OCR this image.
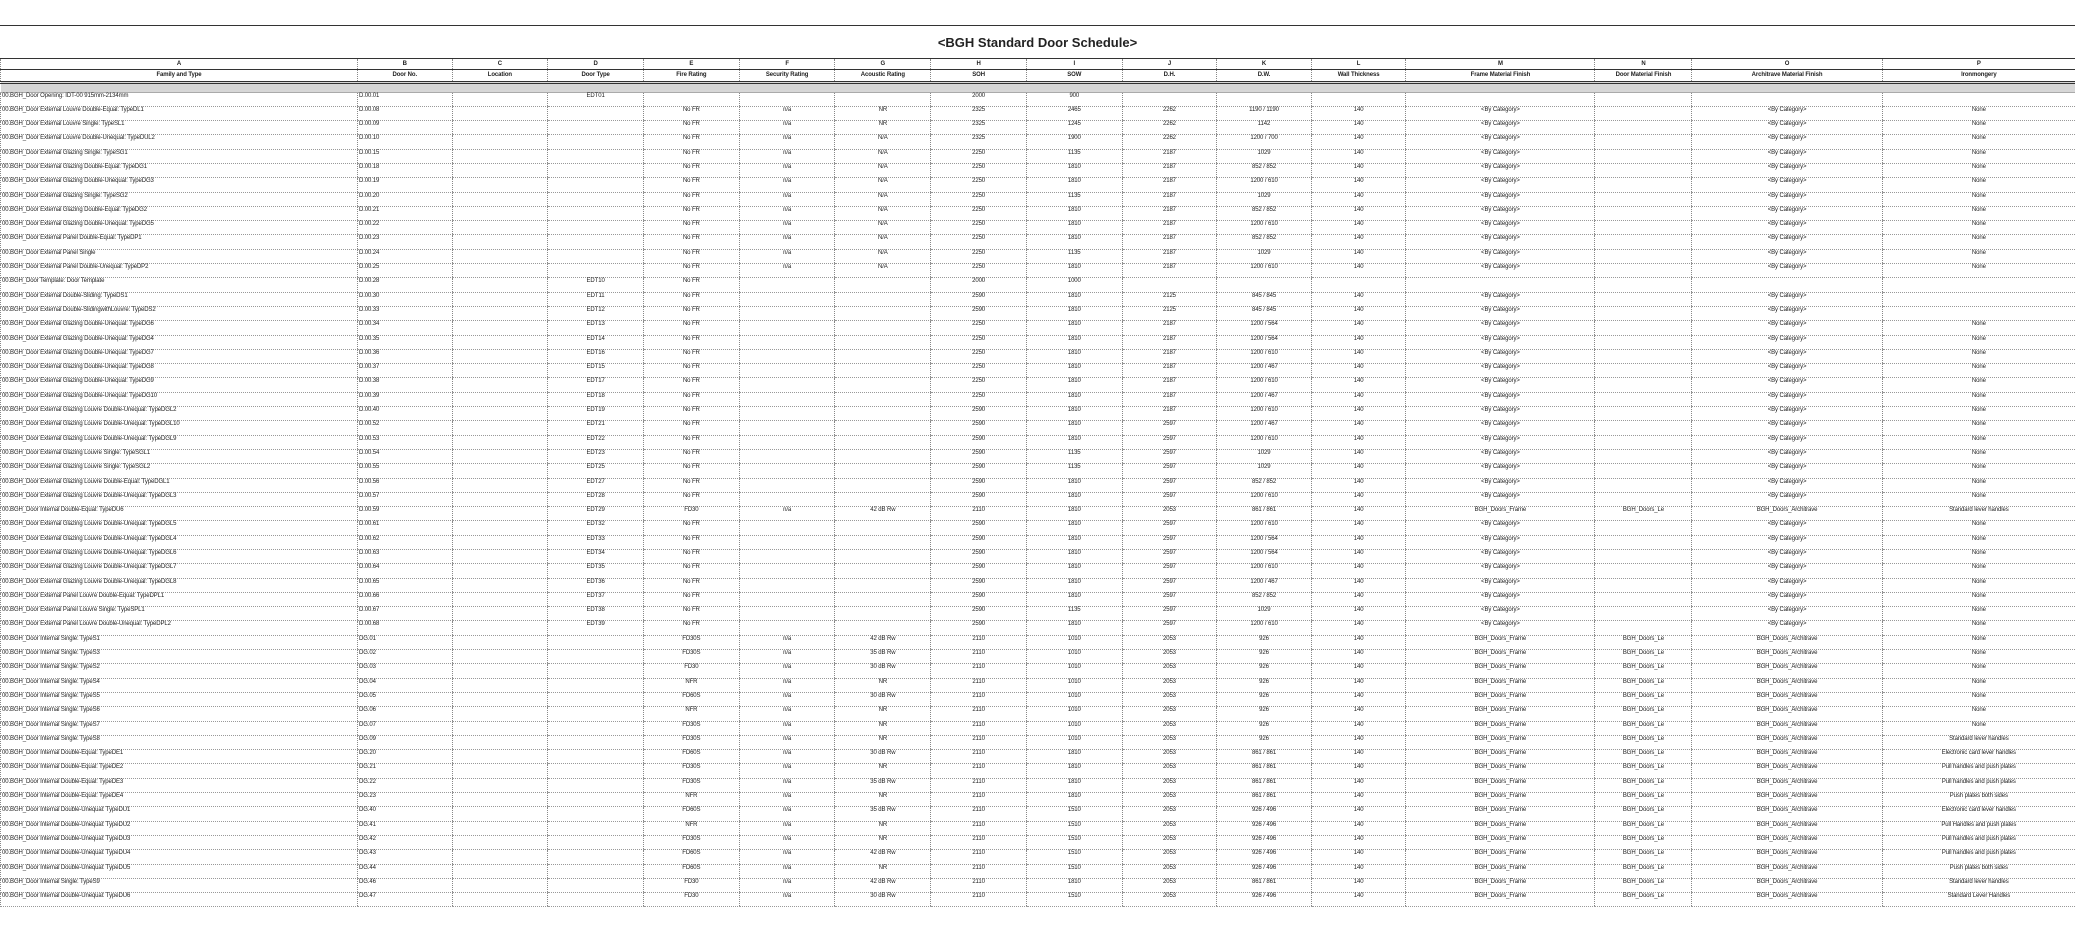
<BGH Standard Door Schedule>
A	B	C	D	E	F	G	H	I	J	K	L	M	N	O	P
Family and Type	Door No.	Location	Door Type	Fire Rating	Security Rating	Acoustic Rating	SOH	SOW	D.H.	D.W.	Wall Thickness	Frame Material Finish	Door Material Finish	Architrave Material Finish	Ironmongery

00.BGH_Door Opening: IDT-00 915mm-2134mm	D.00.01		EDT01				2000	900							
00.BGH_Door External Louvre Double-Equal: TypeDL1	D.00.08			No FR	n/a	NR	2325	2465	2262	1190 / 1190	140	<By Category>		<By Category>	None
00.BGH_Door External Louvre Single: TypeSL1	D.00.09			No FR	n/a	NR	2325	1245	2262	1142	140	<By Category>		<By Category>	None
00.BGH_Door External Louvre Double-Unequal: TypeDUL2	D.00.10			No FR	n/a	N/A	2325	1900	2262	1200 / 700	140	<By Category>		<By Category>	None
00.BGH_Door External Glazing Single: TypeSG1	D.00.15			No FR	n/a	N/A	2250	1135	2187	1029	140	<By Category>		<By Category>	None
00.BGH_Door External Glazing Double-Equal: TypeDG1	D.00.18			No FR	n/a	N/A	2250	1810	2187	852 / 852	140	<By Category>		<By Category>	None
00.BGH_Door External Glazing Double-Unequal: TypeDG3	D.00.19			No FR	n/a	N/A	2250	1810	2187	1200 / 610	140	<By Category>		<By Category>	None
00.BGH_Door External Glazing Single: TypeSG2	D.00.20			No FR	n/a	N/A	2250	1135	2187	1029	140	<By Category>		<By Category>	None
00.BGH_Door External Glazing Double-Equal: TypeDG2	D.00.21			No FR	n/a	N/A	2250	1810	2187	852 / 852	140	<By Category>		<By Category>	None
00.BGH_Door External Glazing Double-Unequal: TypeDG5	D.00.22			No FR	n/a	N/A	2250	1810	2187	1200 / 610	140	<By Category>		<By Category>	None
00.BGH_Door External Panel Double-Equal: TypeDP1	D.00.23			No FR	n/a	N/A	2250	1810	2187	852 / 852	140	<By Category>		<By Category>	None
00.BGH_Door External Panel Single	D.00.24			No FR	n/a	N/A	2250	1135	2187	1029	140	<By Category>		<By Category>	None
00.BGH_Door External Panel Double-Unequal: TypeDP2	D.00.25			No FR	n/a	N/A	2250	1810	2187	1200 / 610	140	<By Category>		<By Category>	None
00.BGH_Door Template: Door Template	D.00.28		EDT10	No FR			2000	1000							
00.BGH_Door External Double-Sliding: TypeDS1	D.00.30		EDT11	No FR			2590	1810	2125	845 / 845	140	<By Category>		<By Category>	
00.BGH_Door External Double-SlidingwithLouvre: TypeDS2	D.00.33		EDT12	No FR			2590	1810	2125	845 / 845	140	<By Category>		<By Category>	
00.BGH_Door External Glazing Double-Unequal: TypeDG6	D.00.34		EDT13	No FR			2250	1810	2187	1200 / 564	140	<By Category>		<By Category>	None
00.BGH_Door External Glazing Double-Unequal: TypeDG4	D.00.35		EDT14	No FR			2250	1810	2187	1200 / 564	140	<By Category>		<By Category>	None
00.BGH_Door External Glazing Double-Unequal: TypeDG7	D.00.36		EDT16	No FR			2250	1810	2187	1200 / 610	140	<By Category>		<By Category>	None
00.BGH_Door External Glazing Double-Unequal: TypeDG8	D.00.37		EDT15	No FR			2250	1810	2187	1200 / 467	140	<By Category>		<By Category>	None
00.BGH_Door External Glazing Double-Unequal: TypeDG9	D.00.38		EDT17	No FR			2250	1810	2187	1200 / 610	140	<By Category>		<By Category>	None
00.BGH_Door External Glazing Double-Unequal: TypeDG10	D.00.39		EDT18	No FR			2250	1810	2187	1200 / 467	140	<By Category>		<By Category>	None
00.BGH_Door External Glazing Louvre Double-Unequal: TypeDGL2	D.00.40		EDT19	No FR			2590	1810	2187	1200 / 610	140	<By Category>		<By Category>	None
00.BGH_Door External Glazing Louvre Double-Unequal: TypeDGL10	D.00.52		EDT21	No FR			2590	1810	2597	1200 / 467	140	<By Category>		<By Category>	None
00.BGH_Door External Glazing Louvre Double-Unequal: TypeDGL9	D.00.53		EDT22	No FR			2590	1810	2597	1200 / 610	140	<By Category>		<By Category>	None
00.BGH_Door External Glazing Louvre Single: TypeSGL1	D.00.54		EDT23	No FR			2590	1135	2597	1029	140	<By Category>		<By Category>	None
00.BGH_Door External Glazing Louvre Single: TypeSGL2	D.00.55		EDT25	No FR			2590	1135	2597	1029	140	<By Category>		<By Category>	None
00.BGH_Door External Glazing Louvre Double-Equal: TypeDGL1	D.00.56		EDT27	No FR			2590	1810	2597	852 / 852	140	<By Category>		<By Category>	None
00.BGH_Door External Glazing Louvre Double-Unequal: TypeDGL3	D.00.57		EDT28	No FR			2590	1810	2597	1200 / 610	140	<By Category>		<By Category>	None
00.BGH_Door Internal Double-Equal: TypeDU6	D.00.59		EDT29	FD30	n/a	42 dB Rw	2110	1810	2053	861 / 861	140	BGH_Doors_Frame	BGH_Doors_Le	BGH_Doors_Architrave	Standard lever handles
00.BGH_Door External Glazing Louvre Double-Unequal: TypeDGL5	D.00.61		EDT32	No FR			2590	1810	2597	1200 / 610	140	<By Category>		<By Category>	None
00.BGH_Door External Glazing Louvre Double-Unequal: TypeDGL4	D.00.62		EDT33	No FR			2590	1810	2597	1200 / 564	140	<By Category>		<By Category>	None
00.BGH_Door External Glazing Louvre Double-Unequal: TypeDGL6	D.00.63		EDT34	No FR			2590	1810	2597	1200 / 564	140	<By Category>		<By Category>	None
00.BGH_Door External Glazing Louvre Double-Unequal: TypeDGL7	D.00.64		EDT35	No FR			2590	1810	2597	1200 / 610	140	<By Category>		<By Category>	None
00.BGH_Door External Glazing Louvre Double-Unequal: TypeDGL8	D.00.65		EDT36	No FR			2590	1810	2597	1200 / 467	140	<By Category>		<By Category>	None
00.BGH_Door External Panel Louvre Double-Equal: TypeDPL1	D.00.66		EDT37	No FR			2590	1810	2597	852 / 852	140	<By Category>		<By Category>	None
00.BGH_Door External Panel Louvre Single: TypeSPL1	D.00.67		EDT38	No FR			2590	1135	2597	1029	140	<By Category>		<By Category>	None
00.BGH_Door External Panel Louvre Double-Unequal: TypeDPL2	D.00.68		EDT39	No FR			2590	1810	2597	1200 / 610	140	<By Category>		<By Category>	None
00.BGH_Door Internal Single: TypeS1	DG.01			FD30S	n/a	42 dB Rw	2110	1010	2053	926	140	BGH_Doors_Frame	BGH_Doors_Le	BGH_Doors_Architrave	None
00.BGH_Door Internal Single: TypeS3	DG.02			FD30S	n/a	35 dB Rw	2110	1010	2053	926	140	BGH_Doors_Frame	BGH_Doors_Le	BGH_Doors_Architrave	None
00.BGH_Door Internal Single: TypeS2	DG.03			FD30	n/a	30 dB Rw	2110	1010	2053	926	140	BGH_Doors_Frame	BGH_Doors_Le	BGH_Doors_Architrave	None
00.BGH_Door Internal Single: TypeS4	DG.04			NFR	n/a	NR	2110	1010	2053	926	140	BGH_Doors_Frame	BGH_Doors_Le	BGH_Doors_Architrave	None
00.BGH_Door Internal Single: TypeS5	DG.05			FD60S	n/a	30 dB Rw	2110	1010	2053	926	140	BGH_Doors_Frame	BGH_Doors_Le	BGH_Doors_Architrave	None
00.BGH_Door Internal Single: TypeS6	DG.06			NFR	n/a	NR	2110	1010	2053	926	140	BGH_Doors_Frame	BGH_Doors_Le	BGH_Doors_Architrave	None
00.BGH_Door Internal Single: TypeS7	DG.07			FD30S	n/a	NR	2110	1010	2053	926	140	BGH_Doors_Frame	BGH_Doors_Le	BGH_Doors_Architrave	None
00.BGH_Door Internal Single: TypeS8	DG.09			FD30S	n/a	NR	2110	1010	2053	926	140	BGH_Doors_Frame	BGH_Doors_Le	BGH_Doors_Architrave	Standard lever handles
00.BGH_Door Internal Double-Equal: TypeDE1	DG.20			FD60S	n/a	30 dB Rw	2110	1810	2053	861 / 861	140	BGH_Doors_Frame	BGH_Doors_Le	BGH_Doors_Architrave	Electronic card lever handles
00.BGH_Door Internal Double-Equal: TypeDE2	DG.21			FD30S	n/a	NR	2110	1810	2053	861 / 861	140	BGH_Doors_Frame	BGH_Doors_Le	BGH_Doors_Architrave	Pull handles and push plates
00.BGH_Door Internal Double-Equal: TypeDE3	DG.22			FD30S	n/a	35 dB Rw	2110	1810	2053	861 / 861	140	BGH_Doors_Frame	BGH_Doors_Le	BGH_Doors_Architrave	Pull handles and push plates
00.BGH_Door Internal Double-Equal: TypeDE4	DG.23			NFR	n/a	NR	2110	1810	2053	861 / 861	140	BGH_Doors_Frame	BGH_Doors_Le	BGH_Doors_Architrave	Push plates both sides
00.BGH_Door Internal Double-Unequal: TypeDU1	DG.40			FD60S	n/a	35 dB Rw	2110	1510	2053	926 / 496	140	BGH_Doors_Frame	BGH_Doors_Le	BGH_Doors_Architrave	Electronic card lever handles
00.BGH_Door Internal Double-Unequal: TypeDU2	DG.41			NFR	n/a	NR	2110	1510	2053	926 / 496	140	BGH_Doors_Frame	BGH_Doors_Le	BGH_Doors_Architrave	Pull Handles and push plates
00.BGH_Door Internal Double-Unequal: TypeDU3	DG.42			FD30S	n/a	NR	2110	1510	2053	926 / 496	140	BGH_Doors_Frame	BGH_Doors_Le	BGH_Doors_Architrave	Pull handles and push plates
00.BGH_Door Internal Double-Unequal: TypeDU4	DG.43			FD60S	n/a	42 dB Rw	2110	1510	2053	926 / 496	140	BGH_Doors_Frame	BGH_Doors_Le	BGH_Doors_Architrave	Pull handles and push plates
00.BGH_Door Internal Double-Unequal: TypeDU5	DG.44			FD60S	n/a	NR	2110	1510	2053	926 / 496	140	BGH_Doors_Frame	BGH_Doors_Le	BGH_Doors_Architrave	Push plates both sides
00.BGH_Door Internal Single: TypeS9	DG.46			FD30	n/a	42 dB Rw	2110	1810	2053	861 / 861	140	BGH_Doors_Frame	BGH_Doors_Le	BGH_Doors_Architrave	Standard lever handles
00.BGH_Door Internal Double-Unequal: TypeDU6	DG.47			FD30	n/a	30 dB Rw	2110	1510	2053	926 / 496	140	BGH_Doors_Frame	BGH_Doors_Le	BGH_Doors_Architrave	Standard Lever Handles
